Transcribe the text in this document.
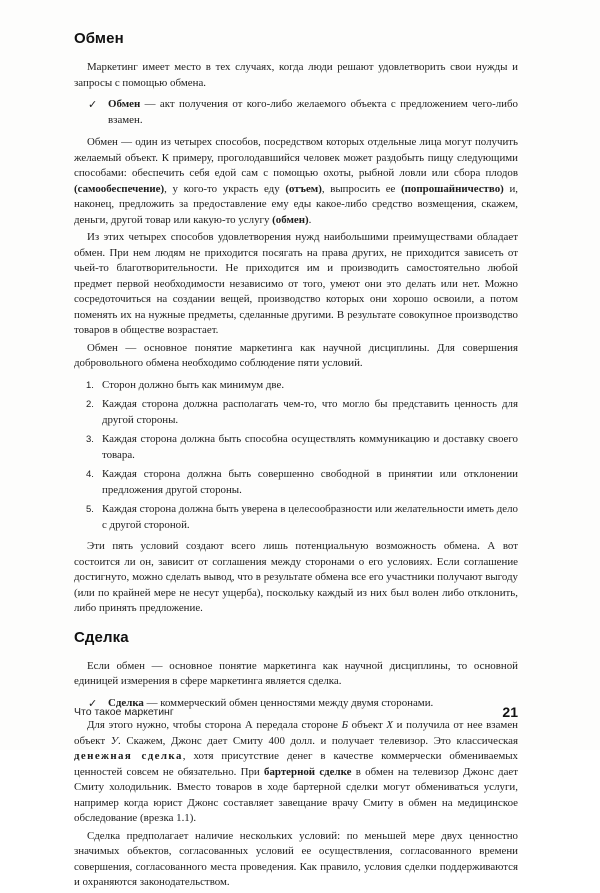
Обмен

Маркетинг имеет место в тех случаях, когда люди решают удовлетворить свои нужды и запросы с помощью обмена.

✓ Обмен — акт получения от кого-либо желаемого объекта с предложением чего-либо взамен.

Обмен — один из четырех способов, посредством которых отдельные лица могут получить желаемый объект. К примеру, проголодавшийся человек может раздобыть пищу следующими способами: обеспечить себя едой сам с помощью охоты, рыбной ловли или сбора плодов (самообеспечение), у кого-то украсть еду (отъем), выпросить ее (попрошайничество) и, наконец, предложить за предоставление ему еды какое-либо средство возмещения, скажем, деньги, другой товар или какую-то услугу (обмен).

Из этих четырех способов удовлетворения нужд наибольшими преимуществами обладает обмен. При нем людям не приходится посягать на права других, не приходится зависеть от чьей-то благотворительности. Не приходится им и производить самостоятельно любой предмет первой необходимости независимо от того, умеют они это делать или нет. Можно сосредоточиться на создании вещей, производство которых они хорошо освоили, а потом поменять их на нужные предметы, сделанные другими. В результате совокупное производство товаров в обществе возрастает.

Обмен — основное понятие маркетинга как научной дисциплины. Для совершения добровольного обмена необходимо соблюдение пяти условий.

1. Сторон должно быть как минимум две.
2. Каждая сторона должна располагать чем-то, что могло бы представить ценность для другой стороны.
3. Каждая сторона должна быть способна осуществлять коммуникацию и доставку своего товара.
4. Каждая сторона должна быть совершенно свободной в принятии или отклонении предложения другой стороны.
5. Каждая сторона должна быть уверена в целесообразности или желательности иметь дело с другой стороной.

Эти пять условий создают всего лишь потенциальную возможность обмена. А вот состоится ли он, зависит от соглашения между сторонами о его условиях. Если соглашение достигнуто, можно сделать вывод, что в результате обмена все его участники получают выгоду (или по крайней мере не несут ущерба), поскольку каждый из них был волен либо отклонить, либо принять предложение.

Сделка

Если обмен — основное понятие маркетинга как научной дисциплины, то основной единицей измерения в сфере маркетинга является сделка.

✓ Сделка — коммерческий обмен ценностями между двумя сторонами.

Для этого нужно, чтобы сторона А передала стороне Б объект X и получила от нее взамен объект У. Скажем, Джонс дает Смиту 400 долл. и получает телевизор. Это классическая денежная сделка, хотя присутствие денег в качестве коммерчески обмениваемых ценностей совсем не обязательно. При бартерной сделке в обмен на телевизор Джонс дает Смиту холодильник. Вместо товаров в ходе бартерной сделки могут обмениваться услуги, например когда юрист Джонс составляет завещание врачу Смиту в обмен на медицинское обследование (врезка 1.1).

Сделка предполагает наличие нескольких условий: по меньшей мере двух ценностно значимых объектов, согласованных условий ее осуществления, согласованного времени совершения, согласованного места проведения. Как правило, условия сделки поддерживаются и охраняются законодательством.

Что такое маркетинг	21
